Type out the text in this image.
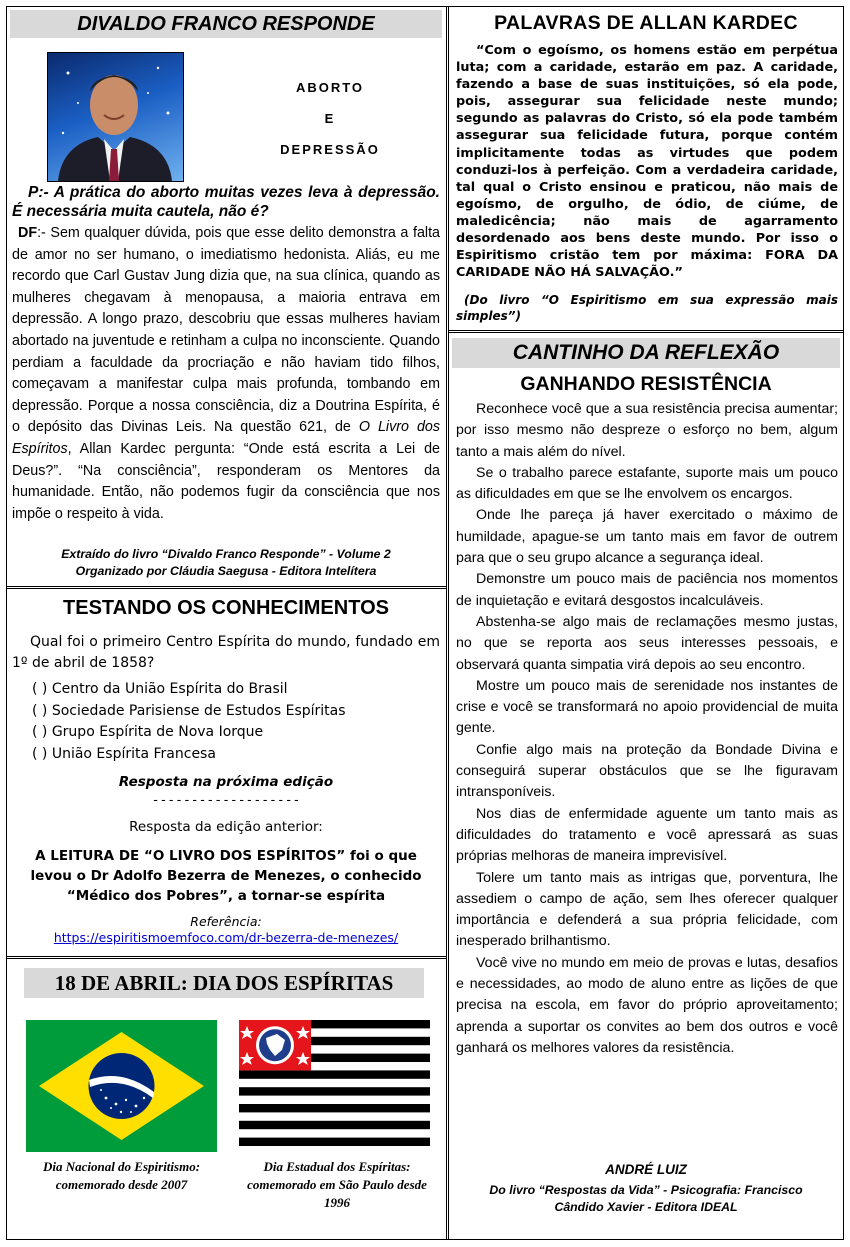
DIVALDO FRANCO RESPONDE
ABORTO
E
DEPRESSÃO

P:- A prática do aborto muitas vezes leva à depressão. É necessária muita cautela, não é?

DF:- Sem qualquer dúvida, pois que esse delito demonstra a falta de amor no ser humano, o imediatismo hedonista. Aliás, eu me recordo que Carl Gustav Jung dizia que, na sua clínica, quando as mulheres chegavam à menopausa, a maioria entrava em depressão. A longo prazo, descobriu que essas mulheres haviam abortado na juventude e retinham a culpa no inconsciente. Quando perdiam a faculdade da procriação e não haviam tido filhos, começavam a manifestar culpa mais profunda, tombando em depressão. Porque a nossa consciência, diz a Doutrina Espírita, é o depósito das Divinas Leis. Na questão 621, de O Livro dos Espíritos, Allan Kardec pergunta: “Onde está escrita a Lei de Deus?”. “Na consciência”, responderam os Mentores da humanidade. Então, não podemos fugir da consciência que nos impõe o respeito à vida.

Extraído do livro “Divaldo Franco Responde” - Volume 2
Organizado por Cláudia Saegusa - Editora Intelítera
TESTANDO OS CONHECIMENTOS

Qual foi o primeiro Centro Espírita do mundo, fundado em 1º de abril de 1858?

( ) Centro da União Espírita do Brasil
( ) Sociedade Parisiense de Estudos Espíritas
( ) Grupo Espírita de Nova Iorque
( ) União Espírita Francesa
Resposta na próxima edição
-------------------
Resposta da edição anterior:
A LEITURA DE “O LIVRO DOS ESPÍRITOS” foi o que levou o Dr Adolfo Bezerra de Menezes, o conhecido “Médico dos Pobres”, a tornar-se espírita
Referência:
https://espiritismoemfoco.com/dr-bezerra-de-menezes/
18 DE ABRIL: DIA DOS ESPÍRITAS
Dia Nacional do Espiritismo: comemorado desde 2007
Dia Estadual dos Espíritas: comemorado em São Paulo desde 1996
PALAVRAS DE ALLAN KARDEC

“Com o egoísmo, os homens estão em perpétua luta; com a caridade, estarão em paz. A caridade, fazendo a base de suas instituições, só ela pode, pois, assegurar sua felicidade neste mundo; segundo as palavras do Cristo, só ela pode também assegurar sua felicidade futura, porque contém implicitamente todas as virtudes que podem conduzi-los à perfeição. Com a verdadeira caridade, tal qual o Cristo ensinou e praticou, não mais de egoísmo, de orgulho, de ódio, de ciúme, de maledicência; não mais de agarramento desordenado aos bens deste mundo. Por isso o Espiritismo cristão tem por máxima: FORA DA CARIDADE NÃO HÁ SALVAÇÃO.”

(Do livro “O Espiritismo em sua expressão mais simples”)

CANTINHO DA REFLEXÃO
GANHANDO RESISTÊNCIA

Reconhece você que a sua resistência precisa aumentar; por isso mesmo não despreze o esforço no bem, algum tanto a mais além do nível.

Se o trabalho parece estafante, suporte mais um pouco as dificuldades em que se lhe envolvem os encargos.

Onde lhe pareça já haver exercitado o máximo de humildade, apague-se um tanto mais em favor de outrem para que o seu grupo alcance a segurança ideal.

Demonstre um pouco mais de paciência nos momentos de inquietação e evitará desgostos incalculáveis.

Abstenha-se algo mais de reclamações mesmo justas, no que se reporta aos seus interesses pessoais, e observará quanta simpatia virá depois ao seu encontro.

Mostre um pouco mais de serenidade nos instantes de crise e você se transformará no apoio providencial de muita gente.

Confie algo mais na proteção da Bondade Divina e conseguirá superar obstáculos que se lhe figuravam intransponíveis.

Nos dias de enfermidade aguente um tanto mais as dificuldades do tratamento e você apressará as suas próprias melhoras de maneira imprevisível.

Tolere um tanto mais as intrigas que, porventura, lhe assediem o campo de ação, sem lhes oferecer qualquer importância e defenderá a sua própria felicidade, com inesperado brilhantismo.

Você vive no mundo em meio de provas e lutas, desafios e necessidades, ao modo de aluno entre as lições de que precisa na escola, em favor do próprio aproveitamento; aprenda a suportar os convites ao bem dos outros e você ganhará os melhores valores da resistência.

ANDRÉ LUIZ
Do livro “Respostas da Vida” - Psicografia: Francisco
Cândido Xavier - Editora IDEAL
